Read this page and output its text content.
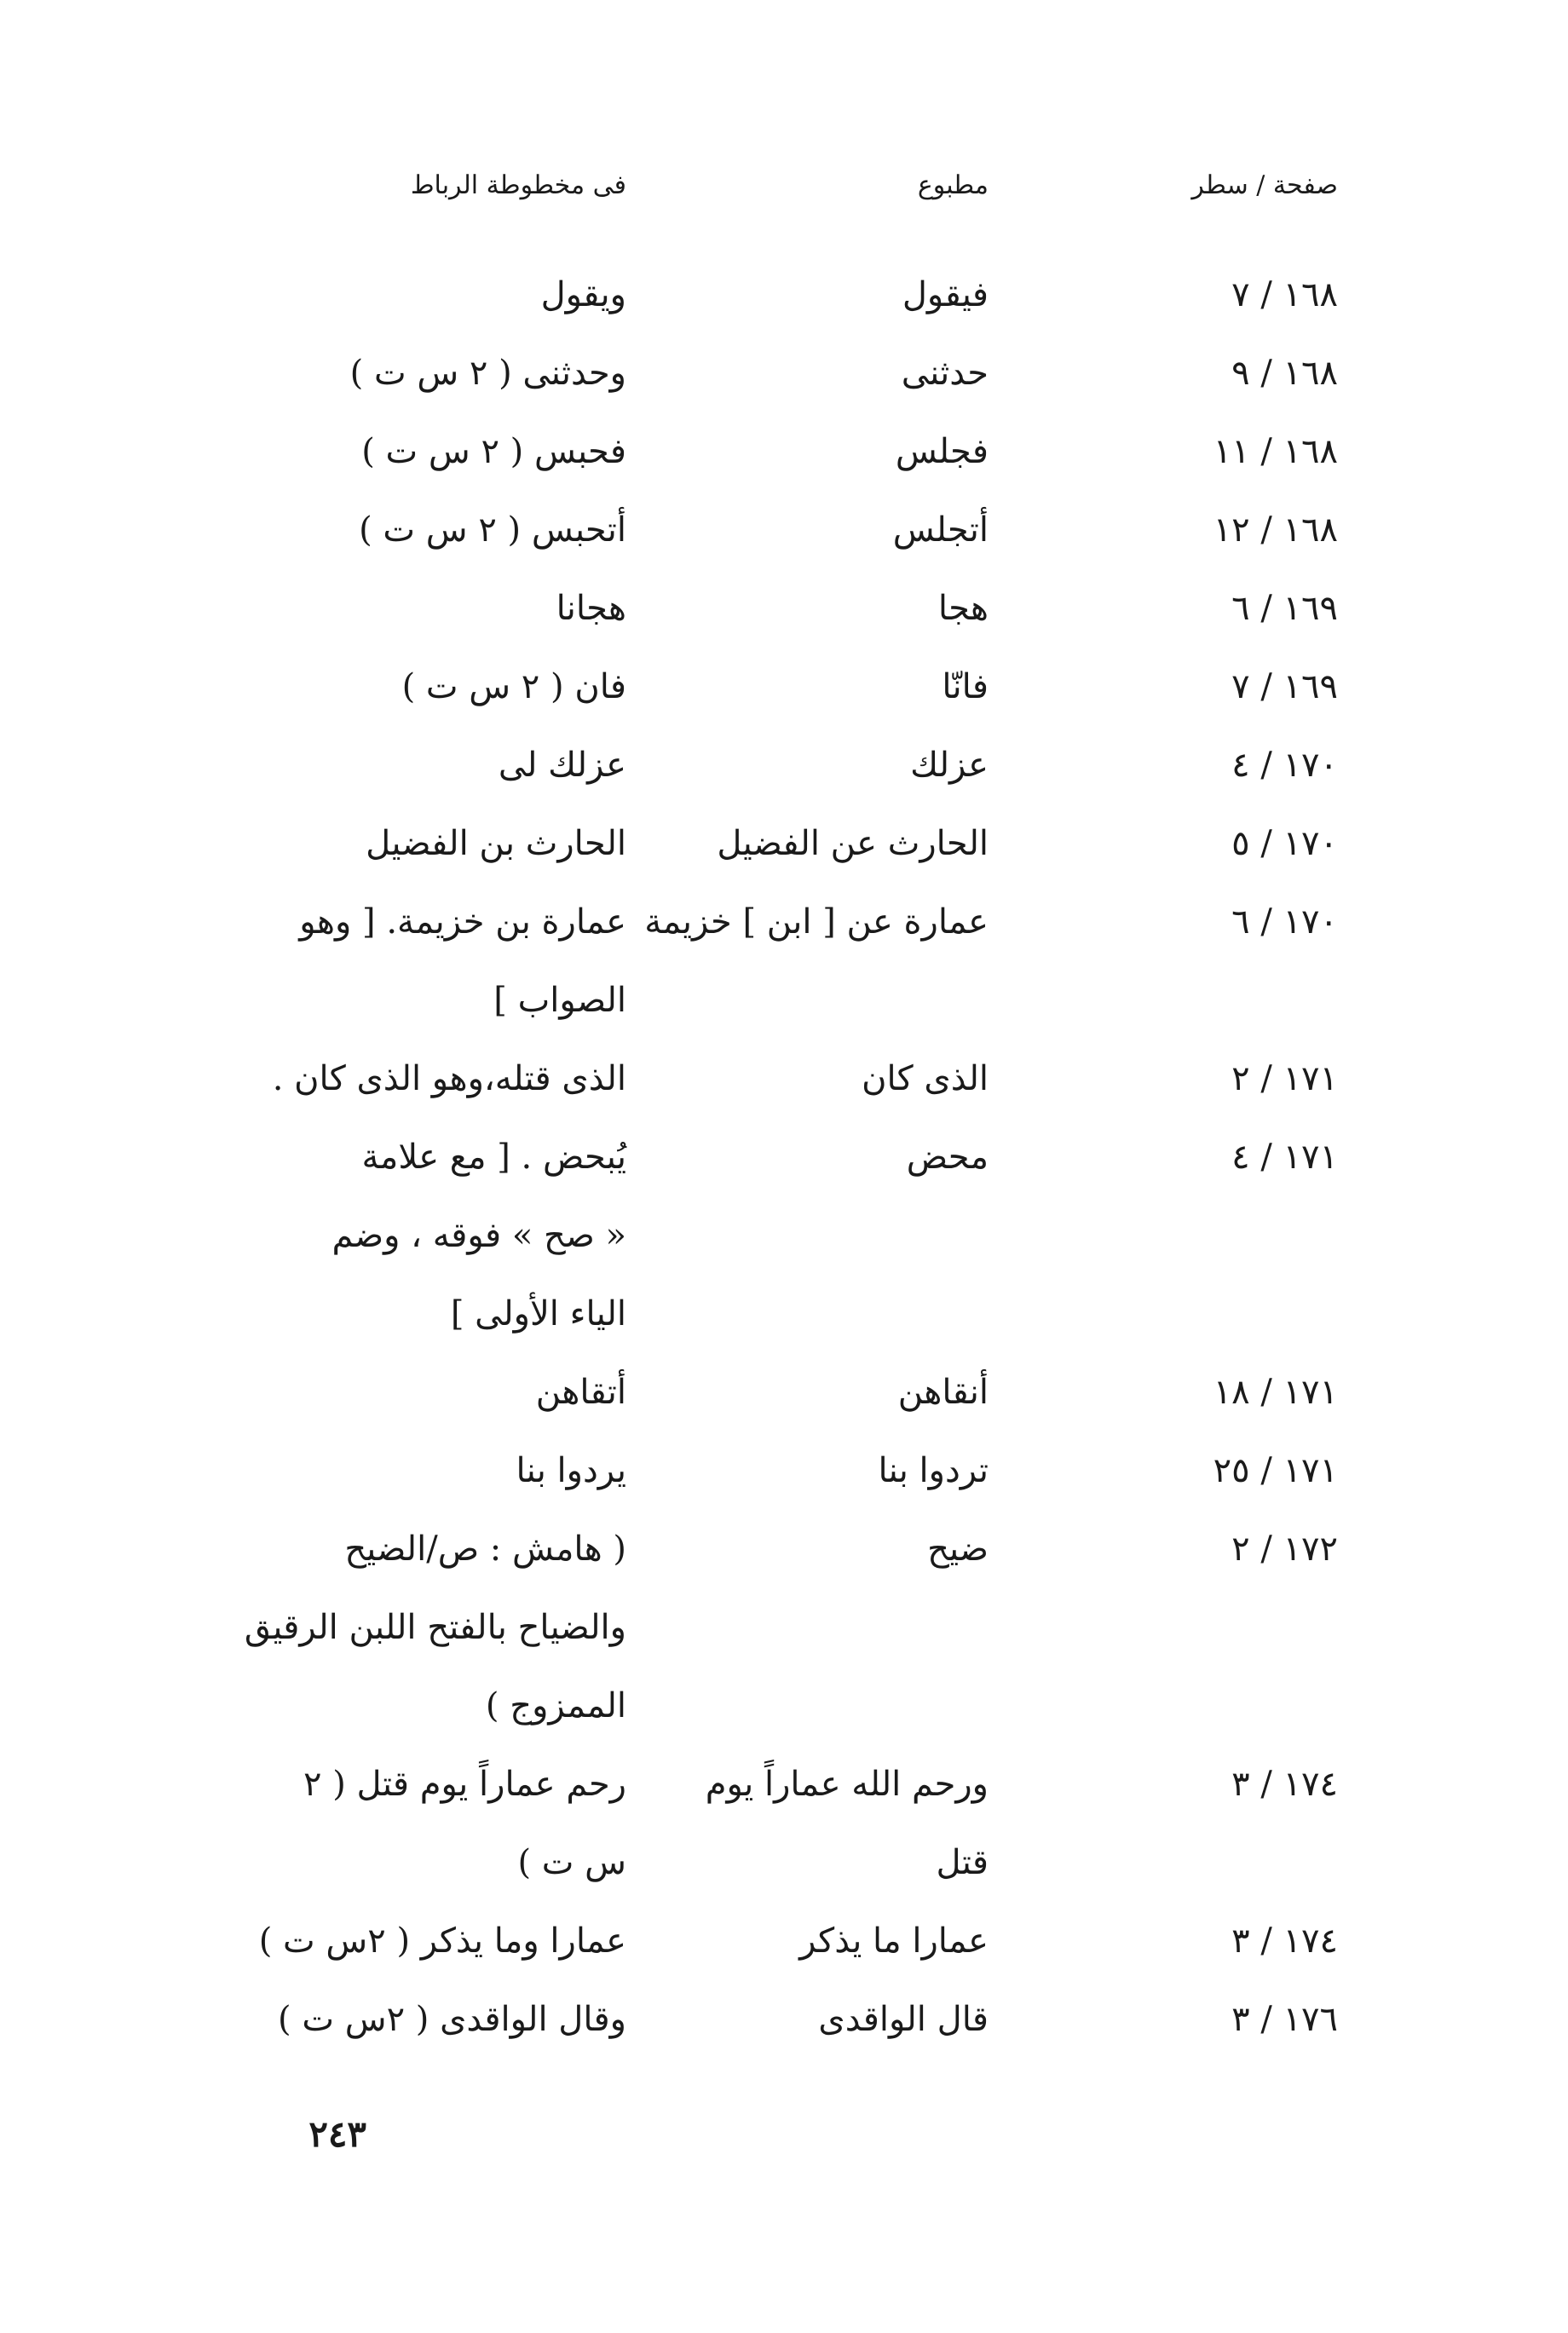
صفحة / سطر
مطبوع
فى مخطوطة الرباط
١٦٨ / ٧
فيقول
ويقول
١٦٨ / ٩
حدثنى
وحدثنى ( ٢ س ت )
١٦٨ / ١١
فجلس
فحبس ( ٢ س ت )
١٦٨ / ١٢
أتجلس
أتحبس ( ٢ س ت )
١٦٩ / ٦
هجا
هجانا
١٦٩ / ٧
فانّا
فان ( ٢ س ت )
١٧٠ / ٤
عزلك
عزلك لى
١٧٠ / ٥
الحارث عن الفضيل
الحارث بن الفضيل
١٧٠ / ٦
عمارة عن [ ابن ] خزيمة
عمارة بن خزيمة. [ وهو
الصواب ]
١٧١ / ٢
الذى كان
الذى قتله،وهو الذى كان .
١٧١ / ٤
محض
يُبحض . [ مع علامة
« صح » فوقه ، وضم
الياء الأولى ]
١٧١ / ١٨
أنقاهن
أتقاهن
١٧١ / ٢٥
تردوا بنا
يردوا بنا
١٧٢ / ٢
ضيح
( هامش : ص/الضيح
والضياح بالفتح اللبن الرقيق
الممزوج )
١٧٤ / ٣
ورحم الله عماراً يوم
قتل
رحم عماراً يوم قتل ( ٢
س ت )
١٧٤ / ٣
عمارا ما يذكر
عمارا وما يذكر ( ٢س ت )
١٧٦ / ٣
قال الواقدى
وقال الواقدى ( ٢س ت )
٢٤٣
